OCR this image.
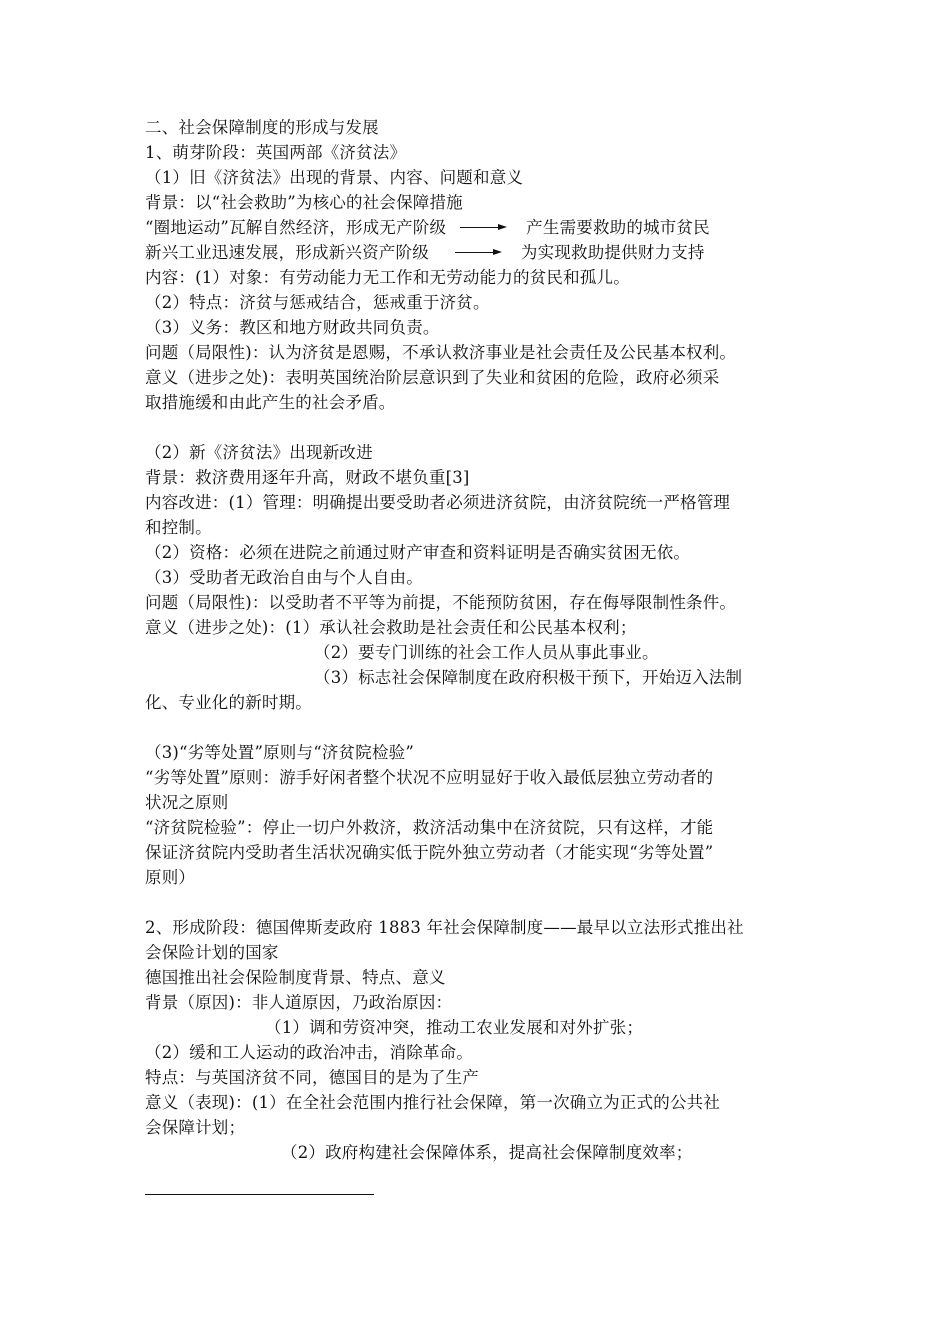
二、社会保障制度的形成与发展
1、萌芽阶段：英国两部《济贫法》
（1）旧《济贫法》出现的背景、内容、问题和意义
背景：以“社会救助”为核心的社会保障措施
“圈地运动”瓦解自然经济，形成无产阶级	产生需要救助的城市贫民
新兴工业迅速发展，形成新兴资产阶级	为实现救助提供财力支持
内容：(1）对象：有劳动能力无工作和无劳动能力的贫民和孤儿。
（2）特点：济贫与惩戒结合，惩戒重于济贫。
（3）义务：教区和地方财政共同负责。
问题（局限性)：认为济贫是恩赐，不承认救济事业是社会责任及公民基本权利。
意义（进步之处)：表明英国统治阶层意识到了失业和贫困的危险，政府必须采
取措施缓和由此产生的社会矛盾。
（2）新《济贫法》出现新改进
背景：救济费用逐年升高，财政不堪负重[3]
内容改进：(1）管理：明确提出要受助者必须进济贫院，由济贫院统一严格管理
和控制。
（2）资格：必须在进院之前通过财产审查和资料证明是否确实贫困无依。
（3）受助者无政治自由与个人自由。
问题（局限性)：以受助者不平等为前提，不能预防贫困，存在侮辱限制性条件。
意义（进步之处)：(1）承认社会救助是社会责任和公民基本权利；
（2）要专门训练的社会工作人员从事此事业。
（3）标志社会保障制度在政府积极干预下，开始迈入法制
化、专业化的新时期。
（3)“劣等处置”原则与“济贫院检验”
“劣等处置”原则：游手好闲者整个状况不应明显好于收入最低层独立劳动者的
状况之原则
“济贫院检验”：停止一切户外救济，救济活动集中在济贫院，只有这样，才能
保证济贫院内受助者生活状况确实低于院外独立劳动者（才能实现“劣等处置”
原则）
2、形成阶段：德国俾斯麦政府 1883 年社会保障制度——最早以立法形式推出社
会保险计划的国家
德国推出社会保险制度背景、特点、意义
背景（原因)：非人道原因，乃政治原因：
（1）调和劳资冲突，推动工农业发展和对外扩张；
（2）缓和工人运动的政治冲击，消除革命。
特点：与英国济贫不同，德国目的是为了生产
意义（表现)：(1）在全社会范围内推行社会保障，第一次确立为正式的公共社
会保障计划；
（2）政府构建社会保障体系，提高社会保障制度效率；
